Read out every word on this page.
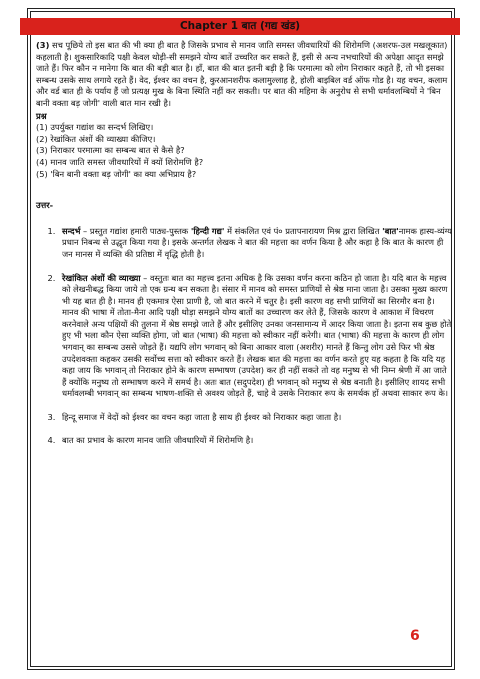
Chapter 1 बात (गद्य खंड)

(3) सच पूछिये तो इस बात की भी क्या ही बात है जिसके प्रभाव से मानव जाति समस्त जीवधारियों की शिरोमणि (अशरफ-उल मखलूकात) कहलाती है। शुकसारिकादि पक्षी केवल थोड़ी-सी समझने योग्य बातें उच्चरित कर सकते हैं, इसी से अन्य नभचारियों की अपेक्षा आदृत समझे जाते हैं। फिर कौन न मानेगा कि बात की बड़ी बात है। हाँ, बात की बात इतनी बड़ी है कि परमात्मा को लोग निराकार कहते हैं, तो भी इसका सम्बन्ध उसके साथ लगाये रहते हैं। वेद, ईश्वर का वचन है, कुरआनशरीफ कलामुल्लाह है, होली बाइबिल वर्ड ऑफ गोड है। यह वचन, कलाम और वर्ड बात ही के पर्याय हैं जो प्रत्यक्ष मुख के बिना स्थिति नहीं कर सकती। पर बात की महिमा के अनुरोध से सभी धर्मावलम्बियों ने 'बिन बानी वक्ता बड़ जोगी' वाली बात मान रखी है।

प्रश्न
(1) उपर्युक्त गद्यांश का सन्दर्भ लिखिए।
(2) रेखांकित अंशों की व्याख्या कीजिए।
(3) निराकार परमात्मा का सम्बन्ध बात से कैसे है?
(4) मानव जाति समस्त जीवधारियों में क्यों शिरोमणि है?
(5) 'बिन बानी वक्ता बड़ जोगी' का क्या अभिप्राय है?
उत्तर-
1. सन्दर्भ – प्रस्तुत गद्यांश हमारी पाठ्य-पुस्तक 'हिन्दी गद्य' में संकलित एवं पं० प्रतापनारायण मिश्र द्वारा लिखित 'बात'नामक हास्य-व्यंग्य प्रधान निबन्ध से उद्धृत किया गया है। इसके अन्तर्गत लेखक ने बात की महत्ता का वर्णन किया है और कहा है कि बात के कारण ही जन मानस में व्यक्ति की प्रतिष्ठा में वृद्धि होती है।
2. रेखांकित अंशों की व्याख्या – वस्तुतः बात का महत्त्व इतना अधिक है कि उसका वर्णन करना कठिन हो जाता है। यदि बात के महत्त्व को लेखनीबद्ध किया जाये तो एक ग्रन्थ बन सकता है। संसार में मानव को समस्त प्राणियों से श्रेष्ठ माना जाता है। उसका मुख्य कारण भी यह बात ही है। मानव ही एकमात्र ऐसा प्राणी है, जो बात करने में चतुर है। इसी कारण वह सभी प्राणियों का सिरमौर बना है। मानव की भाषा में तोता-मैना आदि पक्षी थोड़ा समझने योग्य बातों का उच्चारण कर लेते हैं, जिसके कारण वे आकाश में विचरण करनेवाले अन्य पक्षियों की तुलना में श्रेष्ठ समझे जाते हैं और इसीलिए उनका जनसामान्य में आदर किया जाता है। इतना सब कुछ होते हुए भी भला कौन ऐसा व्यक्ति होगा, जो बात (भाषा) की महत्ता को स्वीकार नहीं करेगी। बात (भाषा) की महत्ता के कारण ही लोग भगवान् का सम्बन्ध उससे जोड़ते हैं। यद्यपि लोग भगवान् को बिना आकार वाला (अशरीर) मानते हैं किन्तु लोग उसे फिर भी श्रेष्ठ उपदेशवक्ता कहकर उसकी सर्वोच्च सत्ता को स्वीकार करते हैं। लेखक बात की महत्ता का वर्णन करते हुए यह कहता है कि यदि यह कहा जाय कि भगवान् तो निराकार होने के कारण सम्भाषण (उपदेश) कर ही नहीं सकते तो वह मनुष्य से भी निम्न श्रेणी में आ जाते हैं क्योंकि मनुष्य तो सम्भाषण करने में समर्थ है। अतः बात (सदुपदेश) ही भगवान् को मनुष्य से श्रेष्ठ बनाती है। इसीलिए शायद सभी धर्मावलम्बी भगवान् का सम्बन्ध भाषण-शक्ति से अवश्य जोड़ते हैं, चाहे वे उसके निराकार रूप के समर्थक हों अथवा साकार रूप के।
3. हिन्दू समाज में वेदों को ईश्वर का वचन कहा जाता है साथ ही ईश्वर को निराकार कहा जाता है।
4. बात का प्रभाव के कारण मानव जाति जीवधारियों में शिरोमणि है।
6
